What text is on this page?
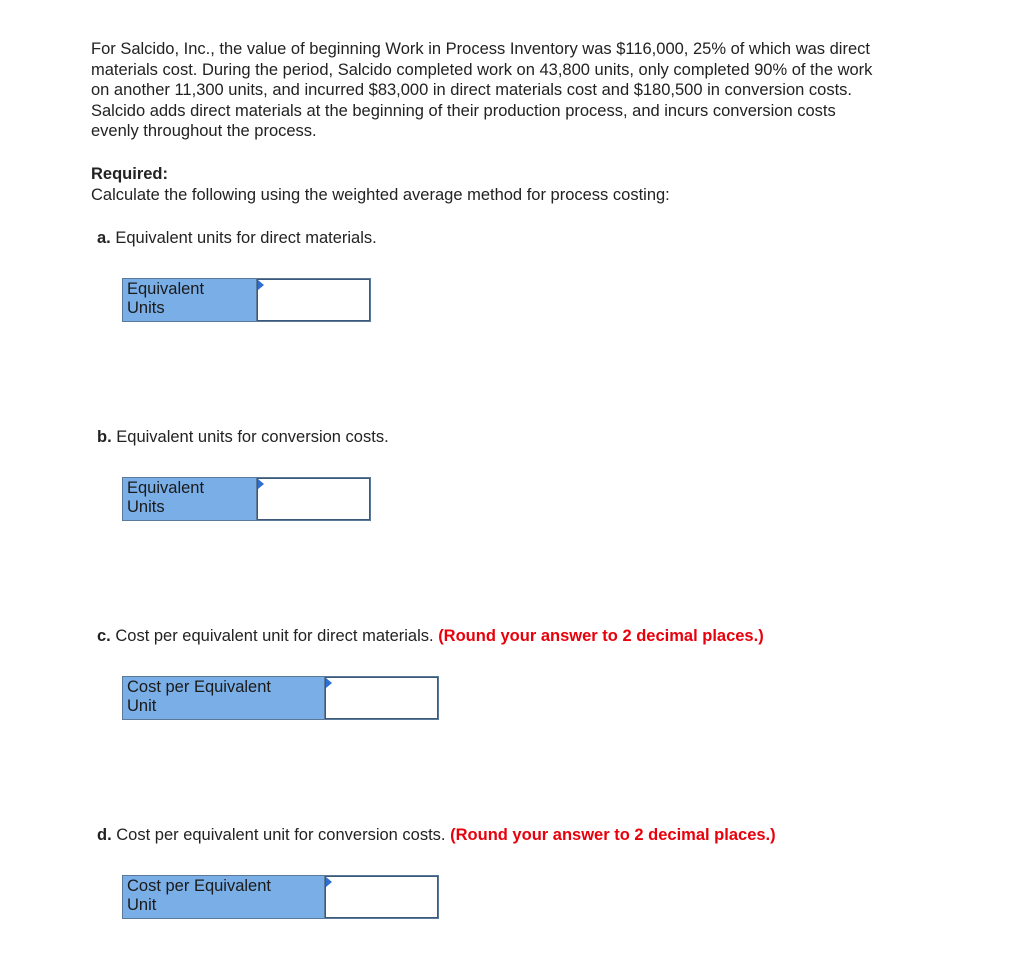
For Salcido, Inc., the value of beginning Work in Process Inventory was $116,000, 25% of which was direct
materials cost. During the period, Salcido completed work on 43,800 units, only completed 90% of the work
on another 11,300 units, and incurred $83,000 in direct materials cost and $180,500 in conversion costs.
Salcido adds direct materials at the beginning of their production process, and incurs conversion costs
evenly throughout the process.

Required:

Calculate the following using the weighted average method for process costing:

a. Equivalent units for direct materials.

Equivalent
Units

b. Equivalent units for conversion costs.

Equivalent
Units

c. Cost per equivalent unit for direct materials. (Round your answer to 2 decimal places.)

Cost per Equivalent
Unit

d. Cost per equivalent unit for conversion costs. (Round your answer to 2 decimal places.)

Cost per Equivalent
Unit
